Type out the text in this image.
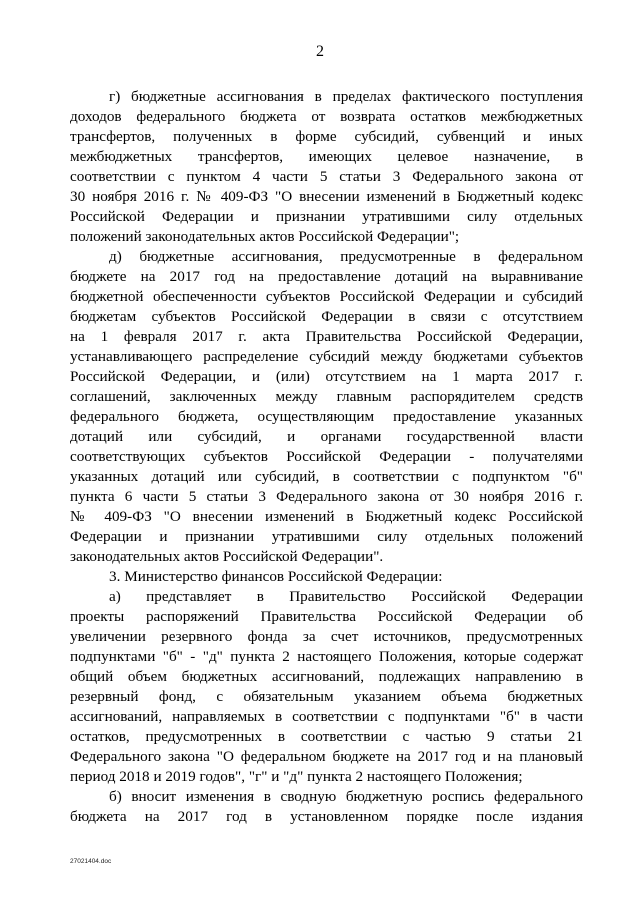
2
г) бюджетные ассигнования в пределах фактического поступления
доходов федерального бюджета от возврата остатков межбюджетных
трансфертов, полученных в форме субсидий, субвенций и иных
межбюджетных трансфертов, имеющих целевое назначение, в
соответствии с пунктом 4 части 5 статьи 3 Федерального закона от
30 ноября 2016 г. № 409-ФЗ "О внесении изменений в Бюджетный кодекс
Российской Федерации и признании утратившими силу отдельных
положений законодательных актов Российской Федерации";
д) бюджетные ассигнования, предусмотренные в федеральном
бюджете на 2017 год на предоставление дотаций на выравнивание
бюджетной обеспеченности субъектов Российской Федерации и субсидий
бюджетам субъектов Российской Федерации в связи с отсутствием
на 1 февраля 2017 г. акта Правительства Российской Федерации,
устанавливающего распределение субсидий между бюджетами субъектов
Российской Федерации, и (или) отсутствием на 1 марта 2017 г.
соглашений, заключенных между главным распорядителем средств
федерального бюджета, осуществляющим предоставление указанных
дотаций или субсидий, и органами государственной власти
соответствующих субъектов Российской Федерации - получателями
указанных дотаций или субсидий, в соответствии с подпунктом "б"
пункта 6 части 5 статьи 3 Федерального закона от 30 ноября 2016 г.
№ 409-ФЗ "О внесении изменений в Бюджетный кодекс Российской
Федерации и признании утратившими силу отдельных положений
законодательных актов Российской Федерации".
3. Министерство финансов Российской Федерации:
а) представляет в Правительство Российской Федерации
проекты распоряжений Правительства Российской Федерации об
увеличении резервного фонда за счет источников, предусмотренных
подпунктами "б" - "д" пункта 2 настоящего Положения, которые содержат
общий объем бюджетных ассигнований, подлежащих направлению в
резервный фонд, с обязательным указанием объема бюджетных
ассигнований, направляемых в соответствии с подпунктами "б" в части
остатков, предусмотренных в соответствии с частью 9 статьи 21
Федерального закона "О федеральном бюджете на 2017 год и на плановый
период 2018 и 2019 годов", "г" и "д" пункта 2 настоящего Положения;
б) вносит изменения в сводную бюджетную роспись федерального
бюджета на 2017 год в установленном порядке после издания
27021404.doc
